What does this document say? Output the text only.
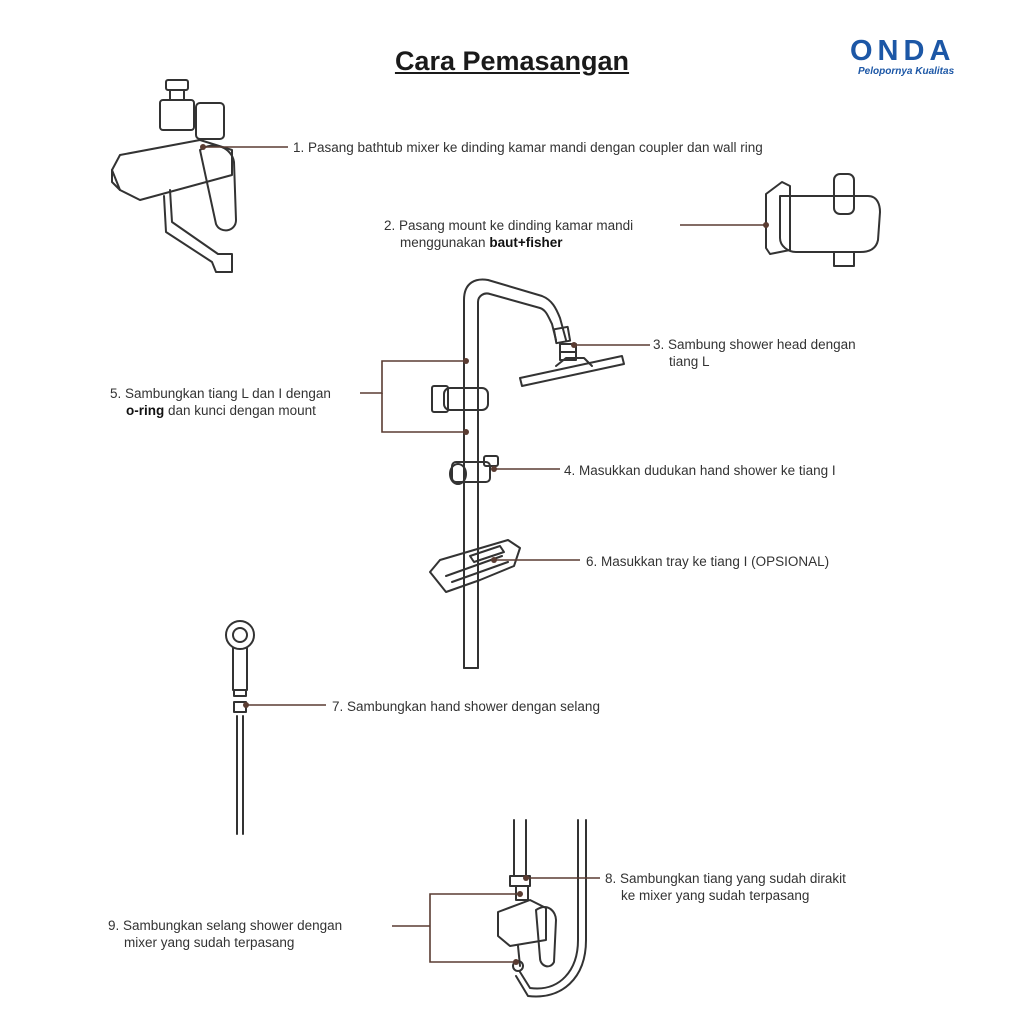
Cara Pemasangan	ONDA
Pelopornya Kualitas
1. Pasang bathtub mixer ke dinding kamar mandi dengan coupler dan wall ring
2. Pasang mount ke dinding kamar mandi
menggunakan baut+fisher
3. Sambung shower head dengan
tiang L
4. Masukkan dudukan hand shower ke tiang I
5. Sambungkan tiang L dan I dengan
o-ring dan kunci dengan mount
6. Masukkan tray ke tiang I (OPSIONAL)
7. Sambungkan hand shower dengan selang
8. Sambungkan tiang yang sudah dirakit
ke mixer yang sudah terpasang
9. Sambungkan selang shower dengan
mixer yang sudah terpasang
